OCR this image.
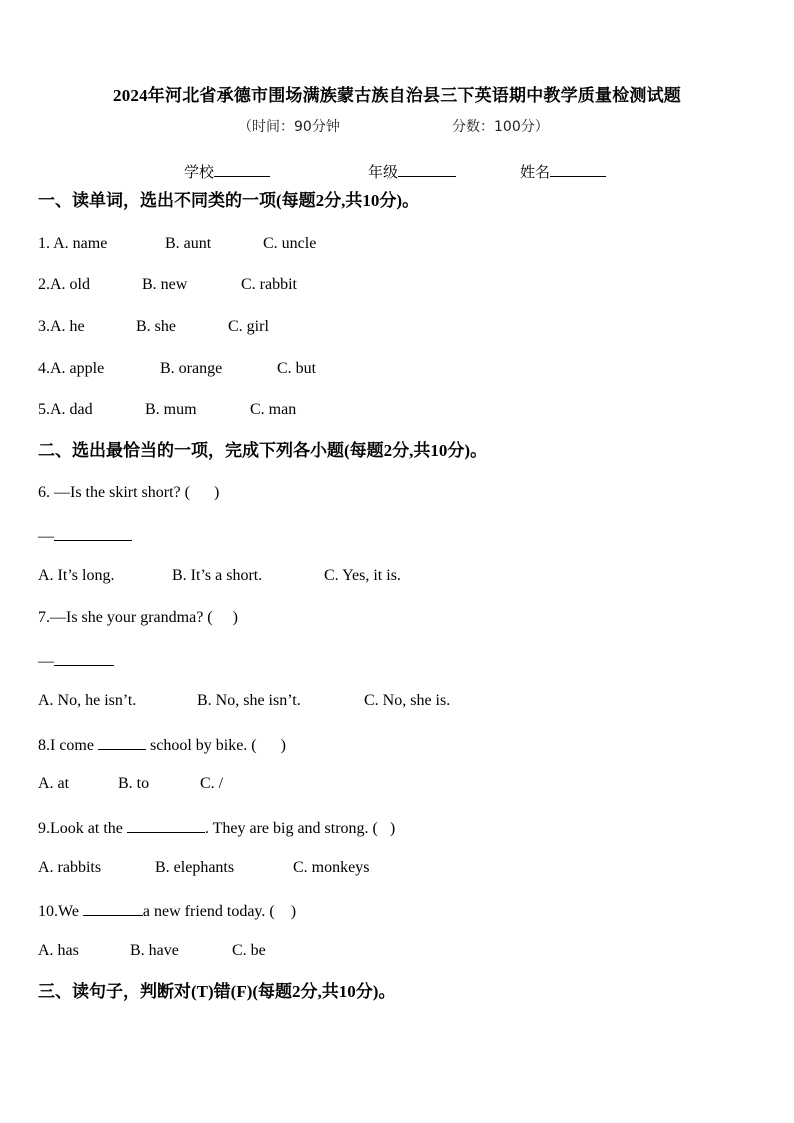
2024年河北省承德市围场满族蒙古族自治县三下英语期中教学质量检测试题
（时间：90分钟	分数：100分）
学校	年级	姓名
一、读单词，选出不同类的一项(每题2分,共10分)。
1. A. name	B. aunt	C. uncle
2.A. old	B. new	C. rabbit
3.A. he	B. she	C. girl
4.A. apple	B. orange	C. but
5.A. dad	B. mum	C. man
二、选出最恰当的一项，完成下列各小题(每题2分,共10分)。
6. —Is the skirt short? (      )
—
A. It’s long.	B. It’s a short.	C. Yes, it is.
7.—Is she your grandma? (     )
—
A. No, he isn’t.	B. No, she isn’t.	C. No, she is.
8.I come	school by bike. (      )
A. at	B. to	C. /
9.Look at the	. They are big and strong. (   )
A. rabbits	B. elephants	C. monkeys
10.We	a new friend today. (    )
A. has	B. have	C. be
三、读句子，判断对(T)错(F)(每题2分,共10分)。
